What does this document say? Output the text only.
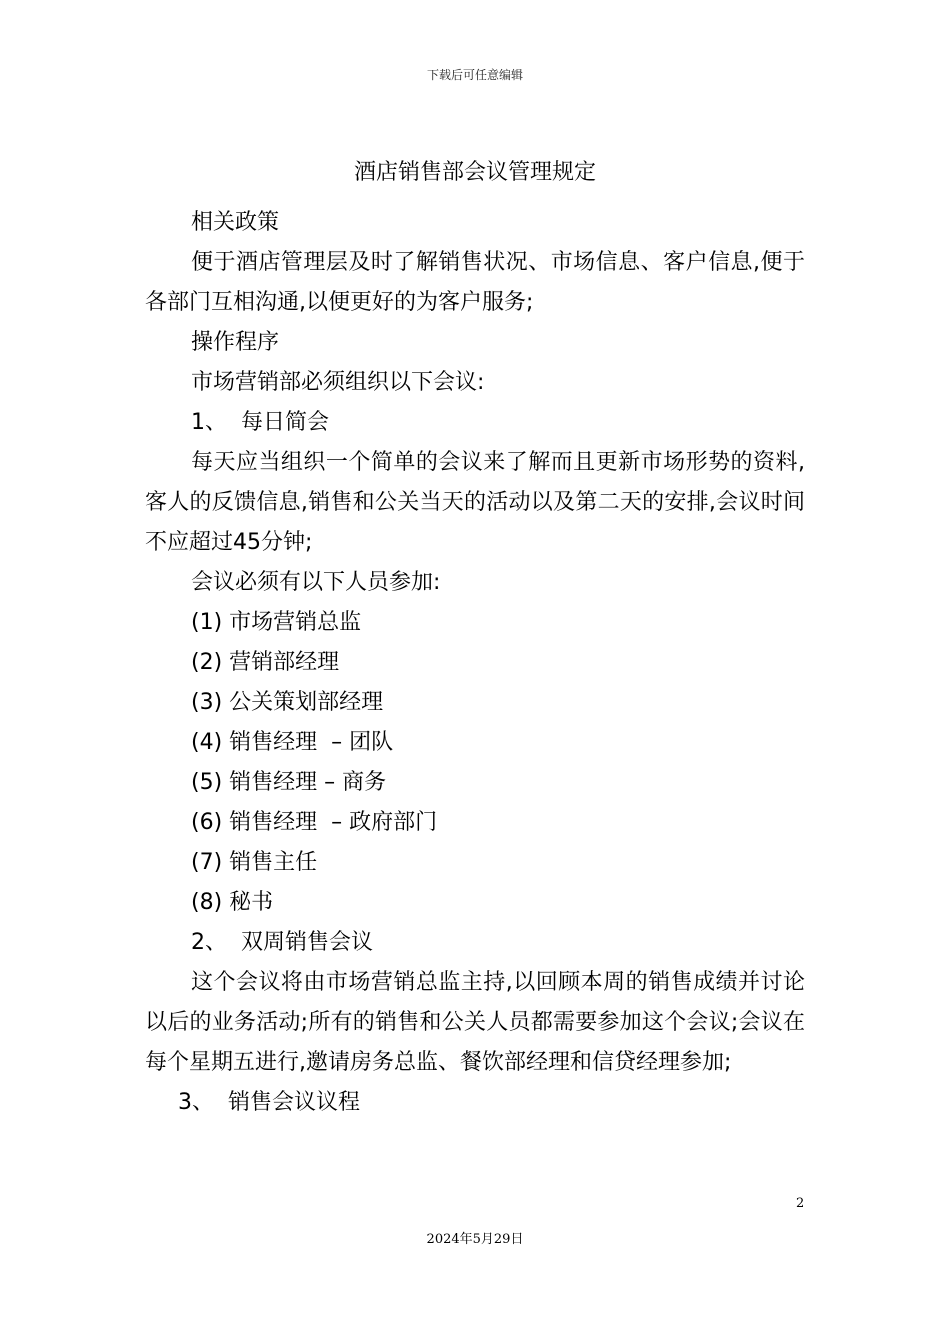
下载后可任意编辑
酒店销售部会议管理规定

相关政策

便于酒店管理层及时了解销售状况、市场信息、客户信息,便于各部门互相沟通,以便更好的为客户服务;

操作程序

市场营销部必须组织以下会议:

1、  每日简会

每天应当组织一个简单的会议来了解而且更新市场形势的资料,客人的反馈信息,销售和公关当天的活动以及第二天的安排,会议时间不应超过45分钟;

会议必须有以下人员参加:

(1) 市场营销总监

(2) 营销部经理

(3) 公关策划部经理

(4) 销售经理  – 团队

(5) 销售经理 – 商务

(6) 销售经理  – 政府部门

(7) 销售主任

(8) 秘书

2、  双周销售会议

这个会议将由市场营销总监主持,以回顾本周的销售成绩并讨论以后的业务活动;所有的销售和公关人员都需要参加这个会议;会议在每个星期五进行,邀请房务总监、餐饮部经理和信贷经理参加;

3、  销售会议议程

2
2024年5月29日
